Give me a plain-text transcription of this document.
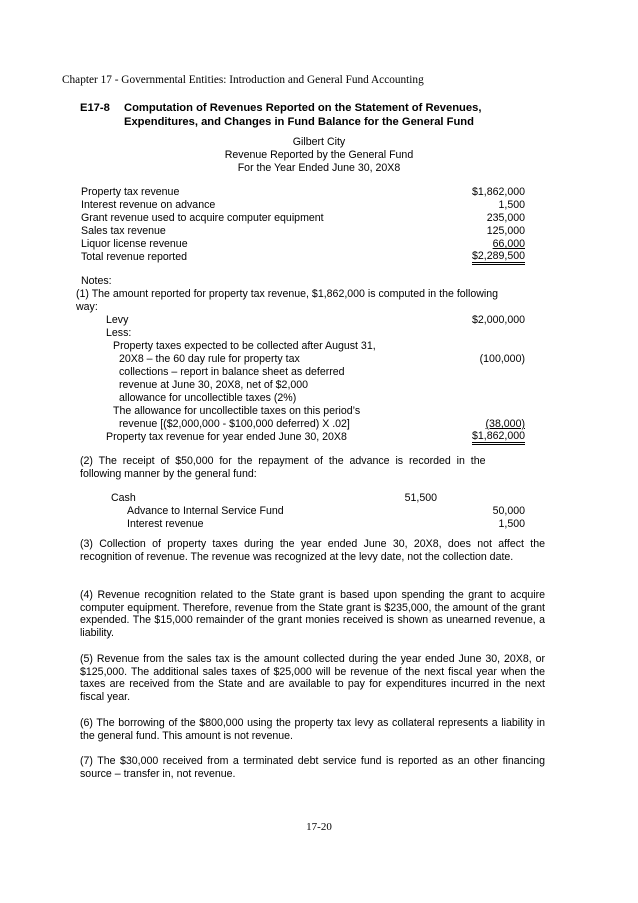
Chapter 17 - Governmental Entities: Introduction and General Fund Accounting
E17-8 Computation of Revenues Reported on the Statement of Revenues,
Expenditures, and Changes in Fund Balance for the General Fund
Gilbert City
Revenue Reported by the General Fund
For the Year Ended June 30, 20X8
Property tax revenue	$1,862,000
Interest revenue on advance	1,500
Grant revenue used to acquire computer equipment	235,000
Sales tax revenue	125,000
Liquor license revenue	66,000
Total revenue reported	$2,289,500
Notes:
(1) The amount reported for property tax revenue, $1,862,000 is computed in the following
way:
Levy	$2,000,000
Less:
Property taxes expected to be collected after August 31,
20X8 – the 60 day rule for property tax	(100,000)
collections – report in balance sheet as deferred
revenue at June 30, 20X8, net of $2,000
allowance for uncollectible taxes (2%)
The allowance for uncollectible taxes on this period’s
revenue [($2,000,000 - $100,000 deferred) X .02]	(38,000)
Property tax revenue for year ended June 30, 20X8	$1,862,000
(2)  The  receipt  of  $50,000  for  the  repayment  of  the  advance  is  recorded  in  the
following manner by the general fund:
Cash	51,500
Advance to Internal Service Fund	50,000
Interest revenue	1,500
(3) Collection of property taxes during the year ended June 30, 20X8, does not affect the recognition of revenue. The revenue was recognized at the levy date, not the collection date.
(4) Revenue recognition related to the State grant is based upon spending the grant to acquire computer equipment. Therefore, revenue from the State grant is $235,000, the amount of the grant expended. The $15,000 remainder of the grant monies received is shown as unearned revenue, a liability.
(5) Revenue from the sales tax is the amount collected during the year ended June 30, 20X8, or $125,000. The additional sales taxes of $25,000 will be revenue of the next fiscal year when the taxes are received from the State and are available to pay for expenditures incurred in the next fiscal year.
(6) The borrowing of the $800,000 using the property tax levy as collateral represents a liability in the general fund. This amount is not revenue.
(7) The $30,000 received from a terminated debt service fund is reported as an other financing source – transfer in, not revenue.
17-20
